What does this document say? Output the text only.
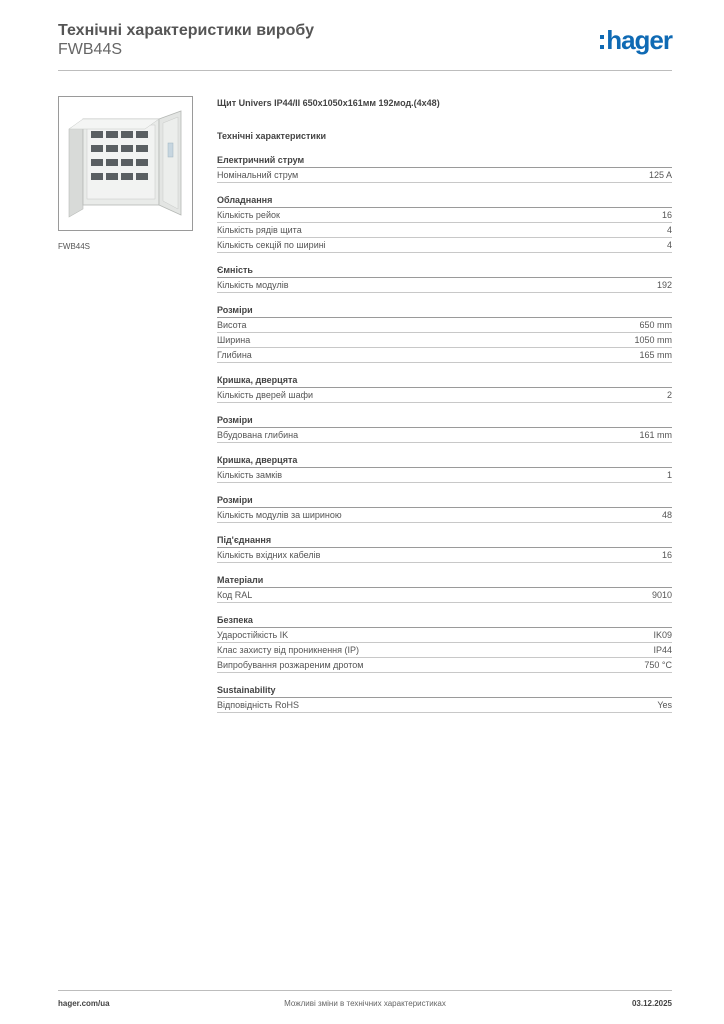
Технічні характеристики виробу
FWB44S	hager
FWB44S
Щит Univers IP44/II 650x1050x161мм 192мод.(4x48)
Технічні характеристики
Електричний струм
Номінальний струм	125 A
Обладнання
Кількість рейок	16
Кількість рядів щита	4
Кількість секцій по ширині	4
Ємність
Кількість модулів	192
Розміри
Висота	650 mm
Ширина	1050 mm
Глибина	165 mm
Кришка, дверцята
Кількість дверей шафи	2
Розміри
Вбудована глибина	161 mm
Кришка, дверцята
Кількість замків	1
Розміри
Кількість модулів за шириною	48
Під'єднання
Кількість вхідних кабелів	16
Матеріали
Код RAL	9010
Безпека
Ударостійкість IK	IK09
Клас захисту від проникнення (IP)	IP44
Випробування розжареним дротом	750 °C
Sustainability
Відповідність RoHS	Yes
hager.com/ua	Можливі зміни в технічних характеристиках	03.12.2025
